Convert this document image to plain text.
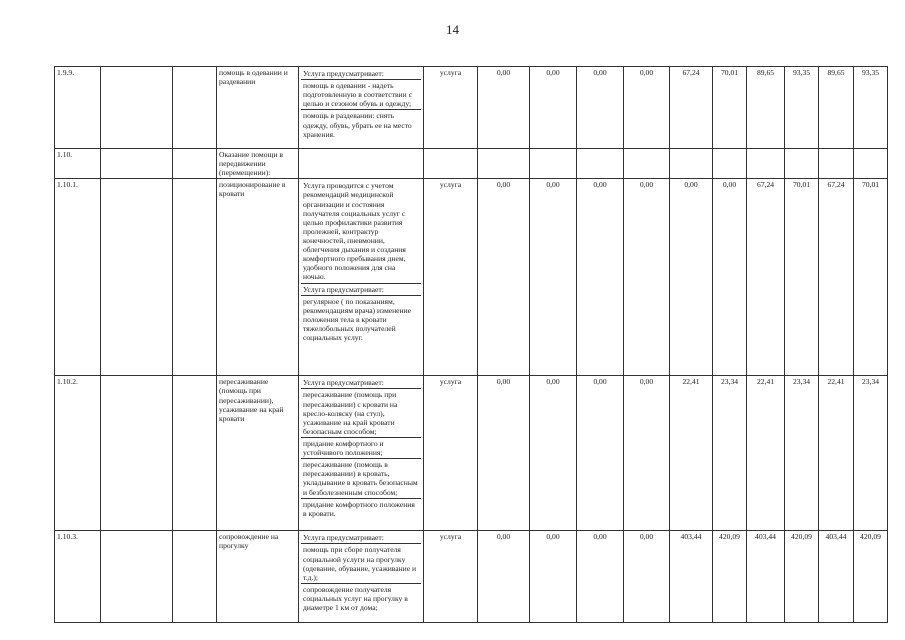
14
1.9.9.			помощь в одевании и раздевании	Услуга предусматривает:
помощь в одевании - надеть подготовленную в соответствии с целью и сезоном обувь и одежду;
помощь в раздевании: снять одежду, обувь, убрать ее на место хранения.	услуга	0,00	0,00	0,00	0,00	67,24	70,01	89,65	93,35	89,65	93,35
1.10.			Оказание помощи в передвижении (перемещении):												
1.10.1.			позиционирование в кровати	Услуга проводится с учетом рекомендаций медицинской организации и состояния получателя социальных услуг с целью профилактики развития пролежней, контрактур конечностей, пневмонии, облегчения дыхания и создания комфортного пребывания днем, удобного положения для сна ночью.
Услуга предусматривает:
регулярное ( по показаниям, рекомендациям врача) изменение положения тела в кровати тяжелобольных получателей социальных услуг.	услуга	0,00	0,00	0,00	0,00	0,00	0,00	67,24	70,01	67,24	70,01
1.10.2.			пересаживание (помощь при пересаживании), усаживание на край кровати	Услуга предусматривает:
пересаживание (помощь при пересаживании) с кровати на кресло-коляску (на стул), усаживание на край кровати безопасным способом;
придание комфортного и устойчивого положения;
пересаживание (помощь в пересаживании) в кровать, укладывание в кровать безопасным и безболезненным способом;
придание комфортного положения в кровати.	услуга	0,00	0,00	0,00	0,00	22,41	23,34	22,41	23,34	22,41	23,34
1.10.3.			сопровождение на прогулку	Услуга предусматривает:
помощь при сборе получателя социальной услуги на прогулку (одевание, обувание, усаживание и т.д.);
сопровождение получателя социальных услуг на прогулку в диаметре 1 км от дома;	услуга	0,00	0,00	0,00	0,00	403,44	420,09	403,44	420,09	403,44	420,09
